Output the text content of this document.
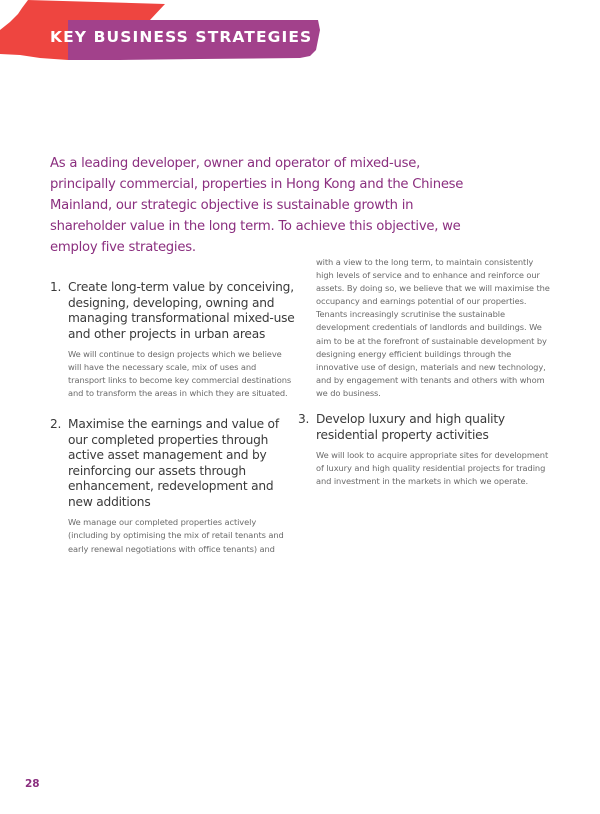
KEY BUSINESS STRATEGIES

As a leading developer, owner and operator of mixed-use, principally commercial, properties in Hong Kong and the Chinese Mainland, our strategic objective is sustainable growth in shareholder value in the long term. To achieve this objective, we employ five strategies.

1. Create long-term value by conceiving, designing, developing, owning and managing transformational mixed-use and other projects in urban areas
We will continue to design projects which we believe will have the necessary scale, mix of uses and transport links to become key commercial destinations and to transform the areas in which they are situated.
2. Maximise the earnings and value of our completed properties through active asset management and by reinforcing our assets through enhancement, redevelopment and new additions
We manage our completed properties actively (including by optimising the mix of retail tenants and early renewal negotiations with office tenants) and
with a view to the long term, to maintain consistently high levels of service and to enhance and reinforce our assets. By doing so, we believe that we will maximise the occupancy and earnings potential of our properties.
Tenants increasingly scrutinise the sustainable development credentials of landlords and buildings. We aim to be at the forefront of sustainable development by designing energy efficient buildings through the innovative use of design, materials and new technology, and by engagement with tenants and others with whom we do business.
3. Develop luxury and high quality residential property activities
We will look to acquire appropriate sites for development of luxury and high quality residential projects for trading and investment in the markets in which we operate.
28
